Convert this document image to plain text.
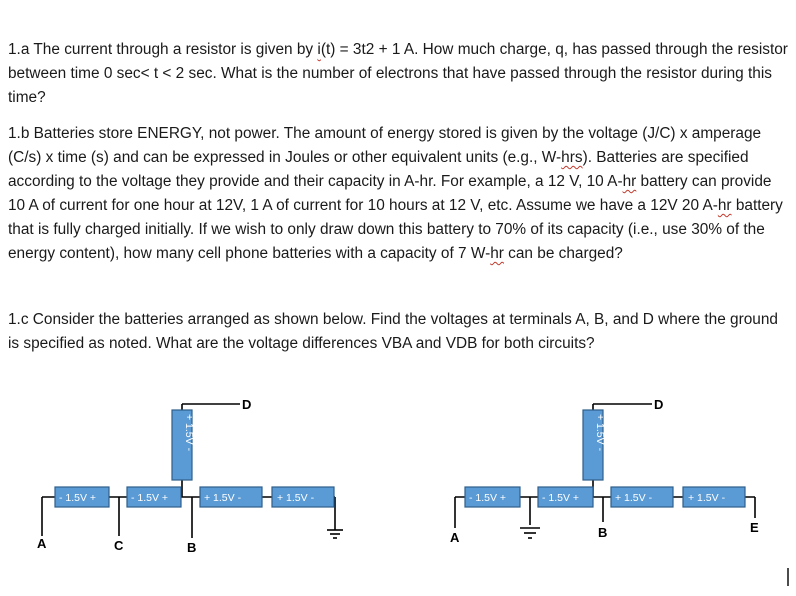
1.a The current through a resistor is given by i(t) = 3t2 + 1 A. How much charge, q, has passed through the resistor between time 0 sec< t < 2 sec. What is the number of electrons that have passed through the resistor during this time?

1.b Batteries store ENERGY, not power. The amount of energy stored is given by the voltage (J/C) x amperage (C/s) x time (s) and can be expressed in Joules or other equivalent units (e.g., W-hrs). Batteries are specified according to the voltage they provide and their capacity in A-hr. For example, a 12 V, 10 A-hr battery can provide 10 A of current for one hour at 12V, 1 A of current for 10 hours at 12 V, etc. Assume we have a 12V 20 A-hr battery that is fully charged initially. If we wish to only draw down this battery to 70% of its capacity (i.e., use 30% of the energy content), how many cell phone batteries with a capacity of 7 W-hr can be charged?

1.c Consider the batteries arranged as shown below. Find the voltages at terminals A, B, and D where the ground is specified as noted. What are the voltage differences VBA and VDB for both circuits?

- 1.5V +	- 1.5V +	+ 1.5V -	+ 1.5V -
+ 1.5V -
A	C	B
D
- 1.5V +	- 1.5V +	+ 1.5V -	+ 1.5V -
+ 1.5V -
A	B	E
D
